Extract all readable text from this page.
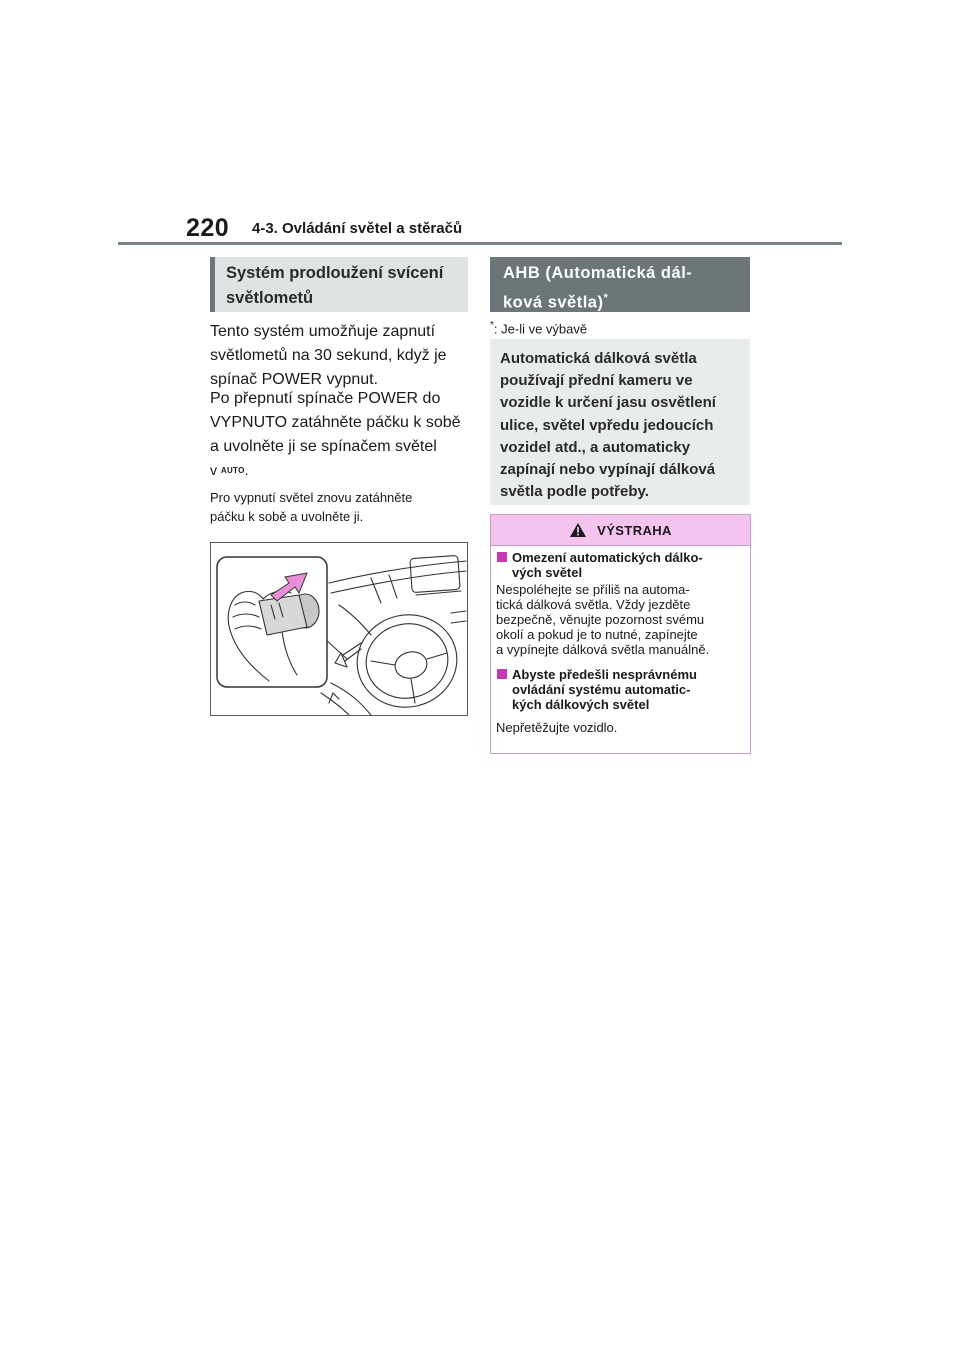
220 4-3. Ovládání světel a stěračů
Systém prodloužení svícení
světlometů
Tento systém umožňuje zapnutí
světlometů na 30 sekund, když je
spínač POWER vypnut.
Po přepnutí spínače POWER do
VYPNUTO zatáhněte páčku k sobě
a uvolněte ji se spínačem světel
v AUTO.
Pro vypnutí světel znovu zatáhněte
páčku k sobě a uvolněte ji.
AHB (Automatická dál-
ková světla)*
*: Je-li ve výbavě
Automatická dálková světla
používají přední kameru ve
vozidle k určení jasu osvětlení
ulice, světel vpředu jedoucích
vozidel atd., a automaticky
zapínají nebo vypínají dálková
světla podle potřeby.
VÝSTRAHA
Omezení automatických dálko-
vých světel
Nespoléhejte se příliš na automa-
tická dálková světla. Vždy jezděte
bezpečně, věnujte pozornost svému
okolí a pokud je to nutné, zapínejte
a vypínejte dálková světla manuálně.
Abyste předešli nesprávnému
ovládání systému automatic-
kých dálkových světel
Nepřetěžujte vozidlo.
